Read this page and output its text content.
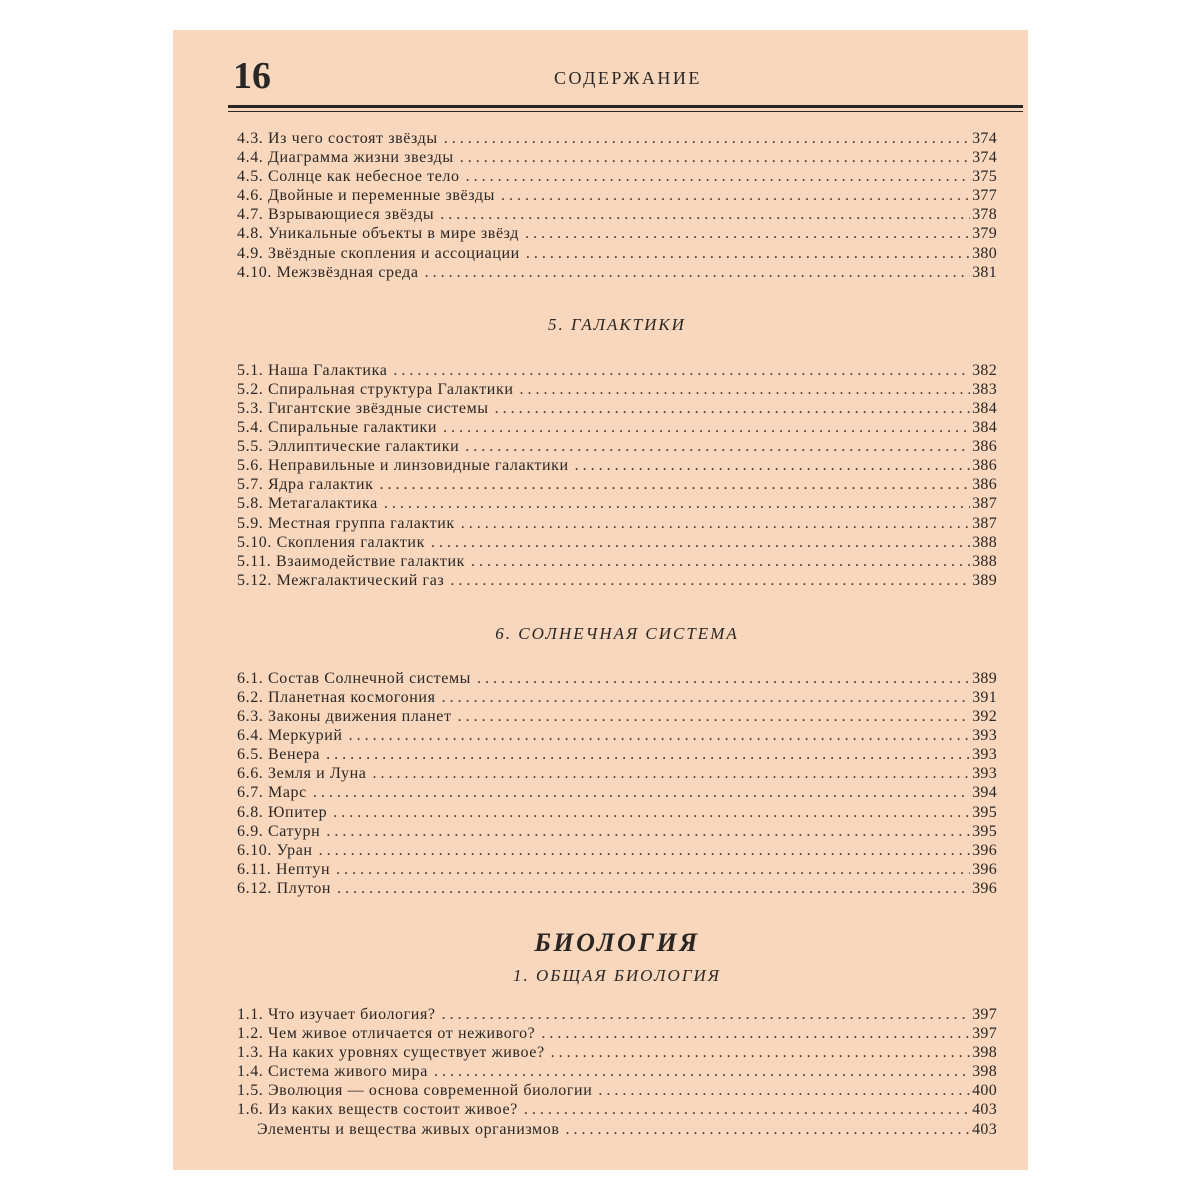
16	СОДЕРЖАНИЕ
4.3. Из чего состоят звёзды . . .	374
4.4. Диаграмма жизни звезды . . .	374
4.5. Солнце как небесное тело . . .	375
4.6. Двойные и переменные звёзды . . .	377
4.7. Взрывающиеся звёзды . . .	378
4.8. Уникальные объекты в мире звёзд . . .	379
4.9. Звёздные скопления и ассоциации . . .	380
4.10. Межзвёздная среда . . .	381
5. ГАЛАКТИКИ
5.1. Наша Галактика . . .	382
5.2. Спиральная структура Галактики . . .	383
5.3. Гигантские звёздные системы . . .	384
5.4. Спиральные галактики . . .	384
5.5. Эллиптические галактики . . .	386
5.6. Неправильные и линзовидные галактики . . .	386
5.7. Ядра галактик . . .	386
5.8. Метагалактика . . .	387
5.9. Местная группа галактик . . .	387
5.10. Скопления галактик . . .	388
5.11. Взаимодействие галактик . . .	388
5.12. Межгалактический газ . . .	389
6. СОЛНЕЧНАЯ СИСТЕМА
6.1. Состав Солнечной системы . . .	389
6.2. Планетная космогония . . .	391
6.3. Законы движения планет . . .	392
6.4. Меркурий . . .	393
6.5. Венера . . .	393
6.6. Земля и Луна . . .	393
6.7. Марс . . .	394
6.8. Юпитер . . .	395
6.9. Сатурн . . .	395
6.10. Уран . . .	396
6.11. Нептун . . .	396
6.12. Плутон . . .	396
БИОЛОГИЯ
1. ОБЩАЯ БИОЛОГИЯ
1.1. Что изучает биология? . . .	397
1.2. Чем живое отличается от неживого? . . .	397
1.3. На каких уровнях существует живое? . . .	398
1.4. Система живого мира . . .	398
1.5. Эволюция — основа современной биологии . . .	400
1.6. Из каких веществ состоит живое? . . .	403
Элементы и вещества живых организмов . . .	403
